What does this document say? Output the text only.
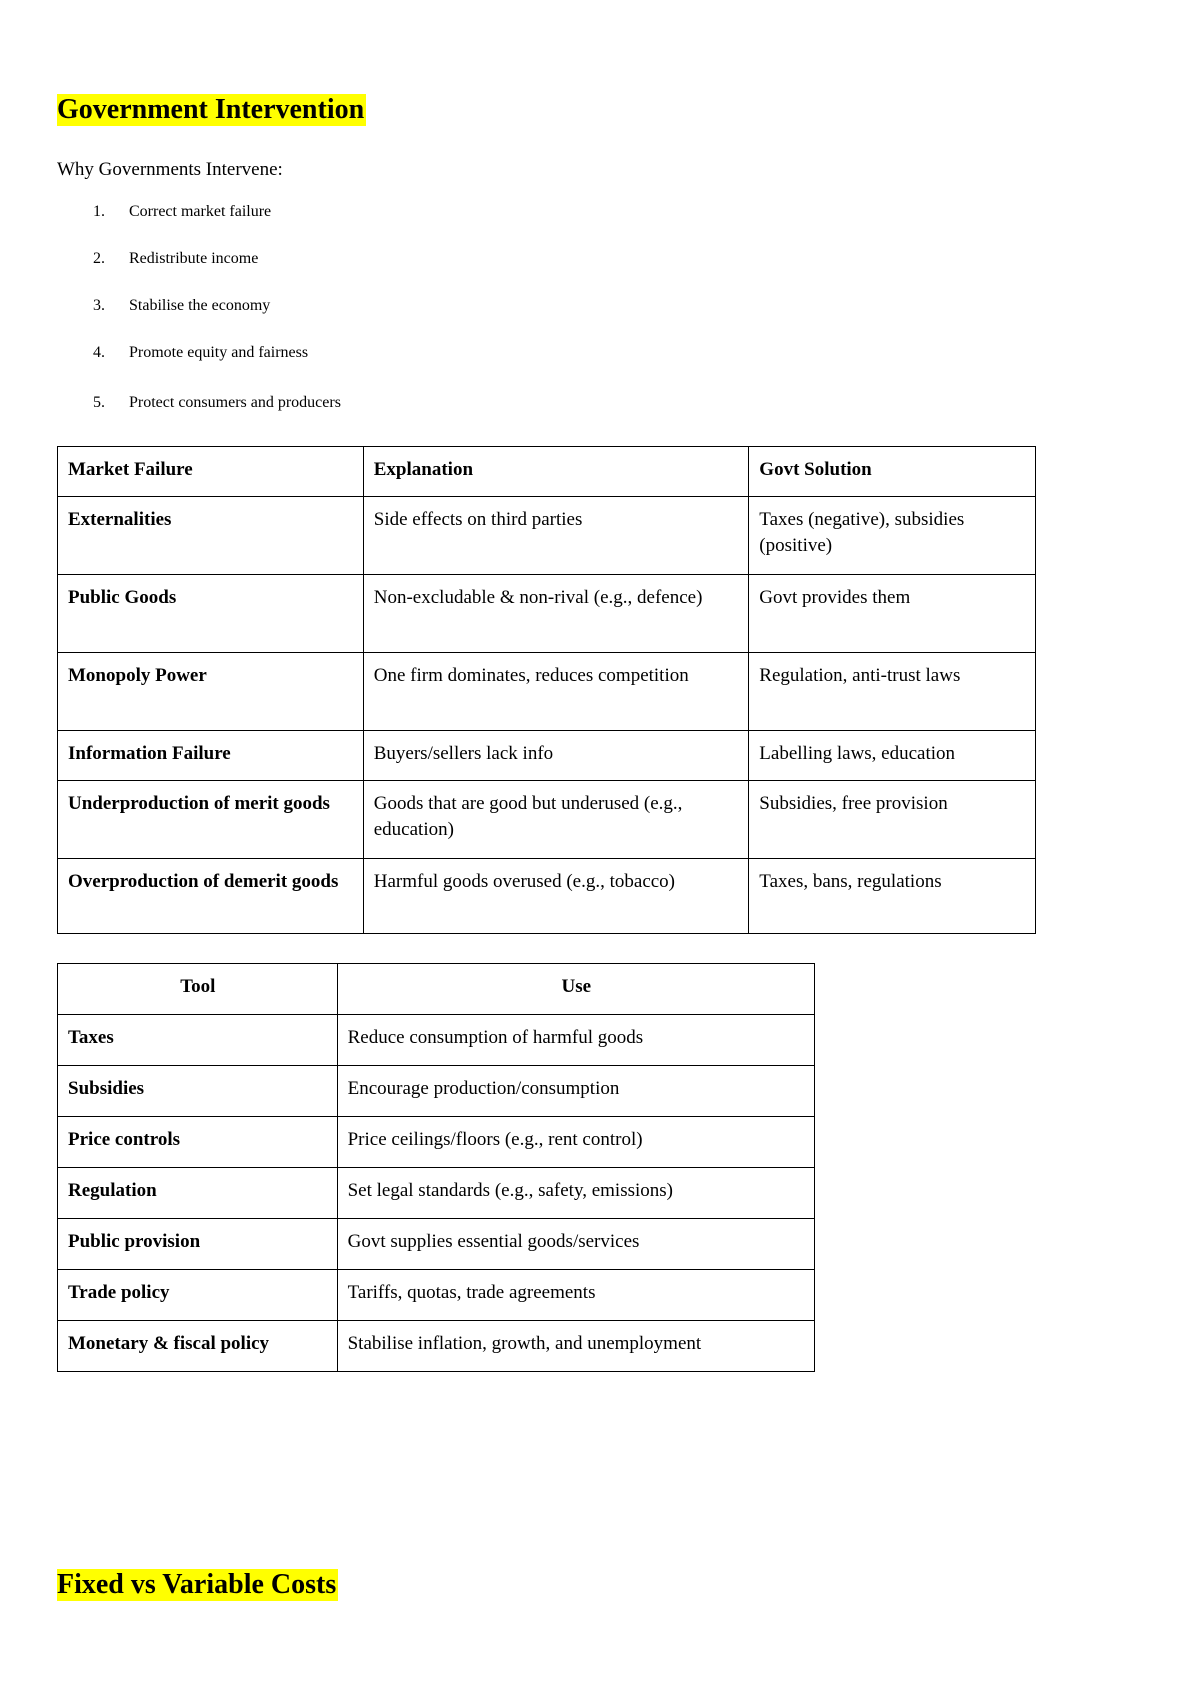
Government Intervention
Why Governments Intervene:
1.	Correct market failure
2.	Redistribute income
3.	Stabilise the economy
4.	Promote equity and fairness
5.	Protect consumers and producers
Market Failure	Explanation	Govt Solution
Externalities	Side effects on third parties	Taxes (negative), subsidies (positive)
Public Goods	Non-excludable & non-rival (e.g., defence)	Govt provides them
Monopoly Power	One firm dominates, reduces competition	Regulation, anti-trust laws
Information Failure	Buyers/sellers lack info	Labelling laws, education
Underproduction of merit goods	Goods that are good but underused (e.g., education)	Subsidies, free provision
Overproduction of demerit goods	Harmful goods overused (e.g., tobacco)	Taxes, bans, regulations
Tool	Use
Taxes	Reduce consumption of harmful goods
Subsidies	Encourage production/consumption
Price controls	Price ceilings/floors (e.g., rent control)
Regulation	Set legal standards (e.g., safety, emissions)
Public provision	Govt supplies essential goods/services
Trade policy	Tariffs, quotas, trade agreements
Monetary & fiscal policy	Stabilise inflation, growth, and unemployment
Fixed vs Variable Costs
